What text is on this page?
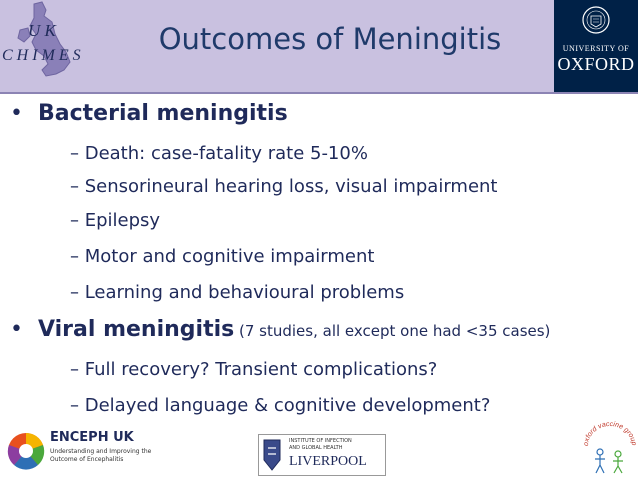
U K
C H I M E S	Outcomes of Meningitis	UNIVERSITY OF
OXFORD
• Bacterial meningitis
– Death: case-fatality rate 5-10%
– Sensorineural hearing loss, visual impairment
– Epilepsy
– Motor and cognitive impairment
– Learning and behavioural problems
• Viral meningitis (7 studies, all except one had <35 cases)
– Full recovery? Transient complications?
– Delayed language & cognitive development?
ENCEPH UK
Understanding and Improving the
Outcome of Encephalitis
INSTITUTE OF INFECTION
AND GLOBAL HEALTH
LIVERPOOL
xford vaccine grou
